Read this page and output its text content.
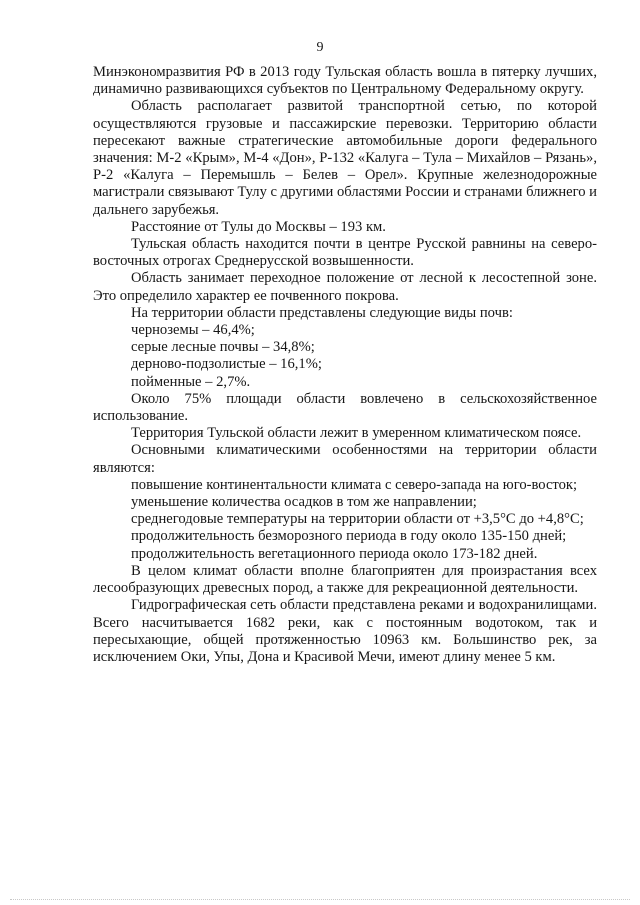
9

Минэкономразвития РФ в 2013 году Тульская область вошла в пятерку лучших, динамично развивающихся субъектов по Центральному Федеральному округу.

Область располагает развитой транспортной сетью, по которой осуществляются грузовые и пассажирские перевозки. Территорию области пересекают важные стратегические автомобильные дороги федерального значения: М-2 «Крым», М-4 «Дон», Р-132 «Калуга – Тула – Михайлов – Рязань», Р-2 «Калуга – Перемышль – Белев – Орел». Крупные железнодорожные магистрали связывают Тулу с другими областями России и странами ближнего и дальнего зарубежья.

Расстояние от Тулы до Москвы – 193 км.

Тульская область находится почти в центре Русской равнины на северо-восточных отрогах Среднерусской возвышенности.

Область занимает переходное положение от лесной к лесостепной зоне. Это определило характер ее почвенного покрова.

На территории области представлены следующие виды почв:

черноземы – 46,4%;
серые лесные почвы – 34,8%;
дерново-подзолистые – 16,1%;
пойменные – 2,7%.

Около 75% площади области вовлечено в сельскохозяйственное использование.

Территория Тульской области лежит в умеренном климатическом поясе.

Основными климатическими особенностями на территории области являются:

повышение континентальности климата с северо-запада на юго-восток;
уменьшение количества осадков в том же направлении;
среднегодовые температуры на территории области от +3,5°С до +4,8°С;
продолжительность безморозного периода в году около 135-150 дней;
продолжительность вегетационного периода около 173-182 дней.

В целом климат области вполне благоприятен для произрастания всех лесообразующих древесных пород, а также для рекреационной деятельности.

Гидрографическая сеть области представлена реками и водохранилищами. Всего насчитывается 1682 реки, как с постоянным водотоком, так и пересыхающие, общей протяженностью 10963 км. Большинство рек, за исключением Оки, Упы, Дона и Красивой Мечи, имеют длину менее 5 км.
